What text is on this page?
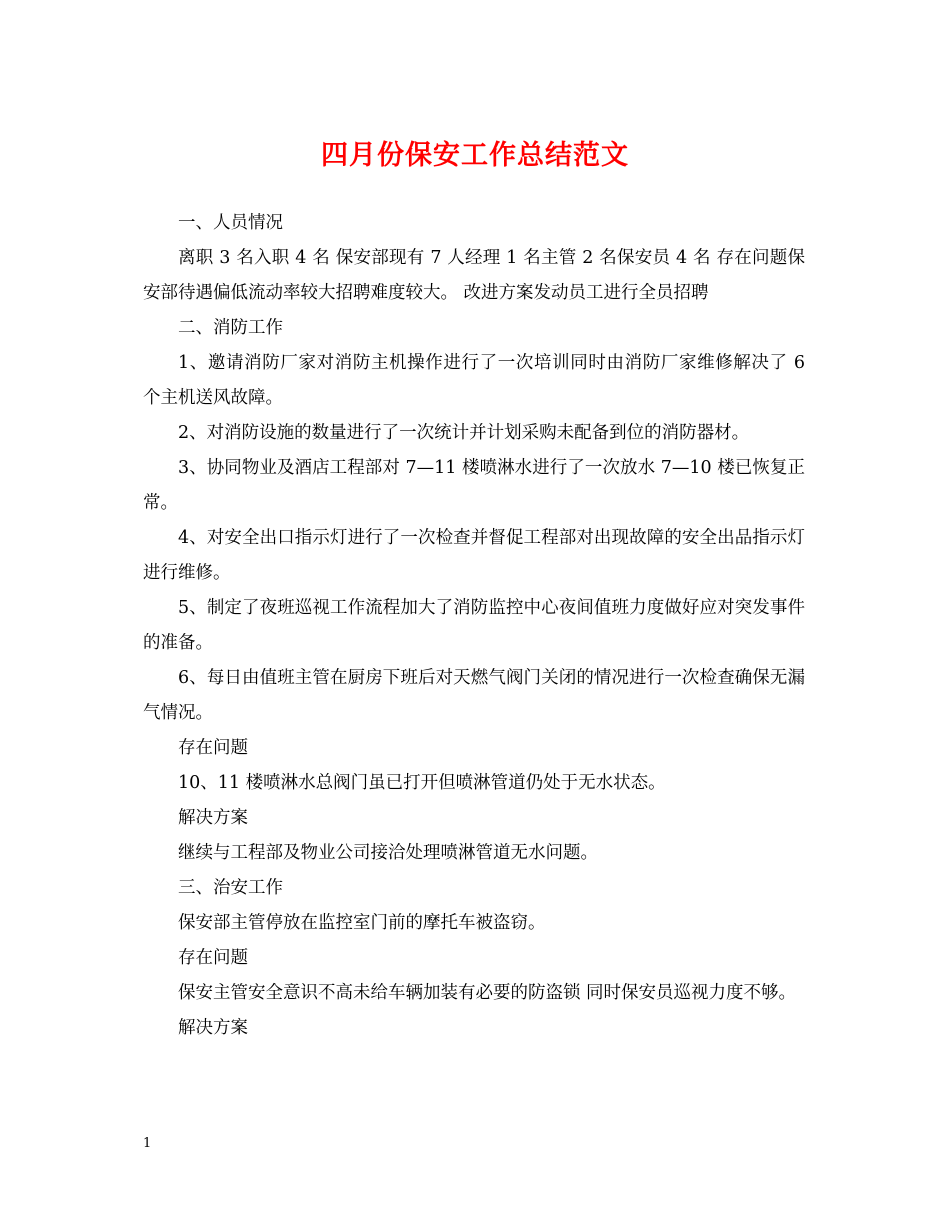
四月份保安工作总结范文

一、人员情况

离职 3 名入职 4 名 保安部现有 7 人经理 1 名主管 2 名保安员 4 名 存在问题保安部待遇偏低流动率较大招聘难度较大。 改进方案发动员工进行全员招聘

二、消防工作

1、邀请消防厂家对消防主机操作进行了一次培训同时由消防厂家维修解决了 6 个主机送风故障。

2、对消防设施的数量进行了一次统计并计划采购未配备到位的消防器材。

3、协同物业及酒店工程部对 7—11 楼喷淋水进行了一次放水 7—10 楼已恢复正常。

4、对安全出口指示灯进行了一次检查并督促工程部对出现故障的安全出品指示灯进行维修。

5、制定了夜班巡视工作流程加大了消防监控中心夜间值班力度做好应对突发事件的准备。

6、每日由值班主管在厨房下班后对天燃气阀门关闭的情况进行一次检查确保无漏气情况。

存在问题

10、11 楼喷淋水总阀门虽已打开但喷淋管道仍处于无水状态。

解决方案

继续与工程部及物业公司接洽处理喷淋管道无水问题。

三、治安工作

保安部主管停放在监控室门前的摩托车被盗窃。

存在问题

保安主管安全意识不高未给车辆加装有必要的防盗锁 同时保安员巡视力度不够。

解决方案

1
